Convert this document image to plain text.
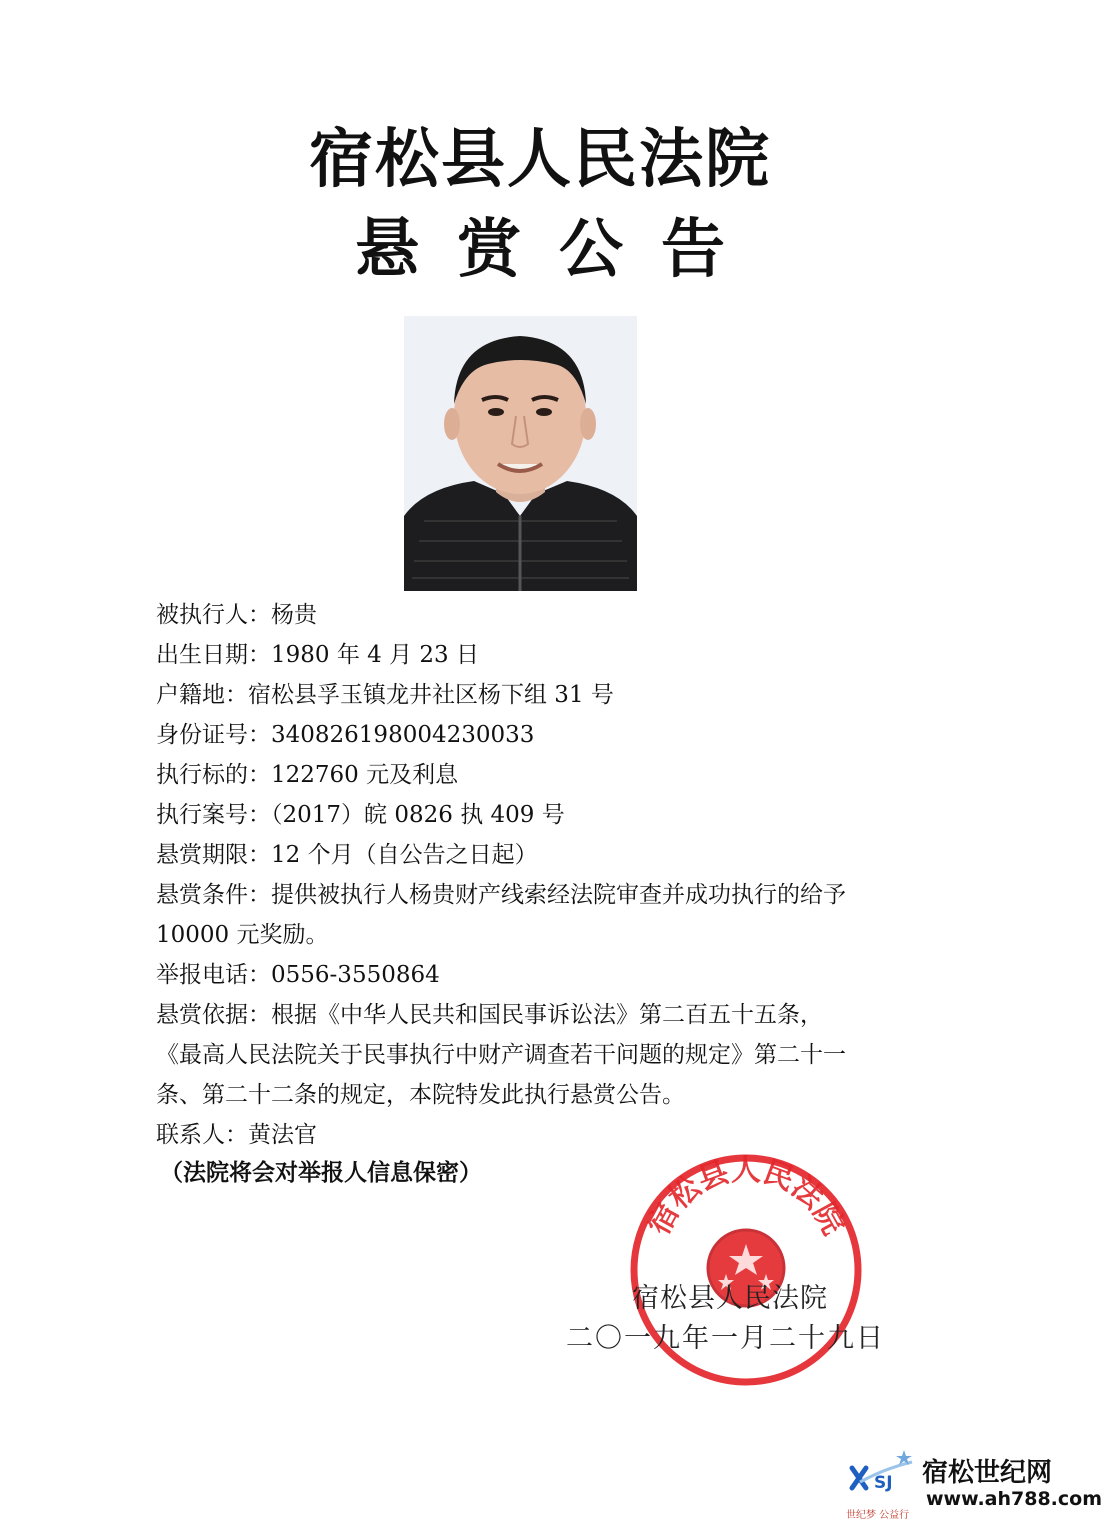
宿松县人民法院
悬赏公告
被执行人：杨贵
出生日期：1980 年 4 月 23 日
户籍地：宿松县孚玉镇龙井社区杨下组 31 号
身份证号：340826198004230033
执行标的：122760 元及利息
执行案号：（2017）皖 0826 执 409 号
悬赏期限：12 个月（自公告之日起）
悬赏条件：提供被执行人杨贵财产线索经法院审查并成功执行的给予
10000 元奖励。
举报电话：0556-3550864
悬赏依据：根据《中华人民共和国民事诉讼法》第二百五十五条，
《最高人民法院关于民事执行中财产调查若干问题的规定》第二十一
条、第二十二条的规定，本院特发此执行悬赏公告。
联系人：黄法官
（法院将会对举报人信息保密）
宿松县人民法院
宿松县人民法院
二〇一九年一月二十九日
SJ 宿松世纪网
www.ah788.com
世纪梦 公益行
